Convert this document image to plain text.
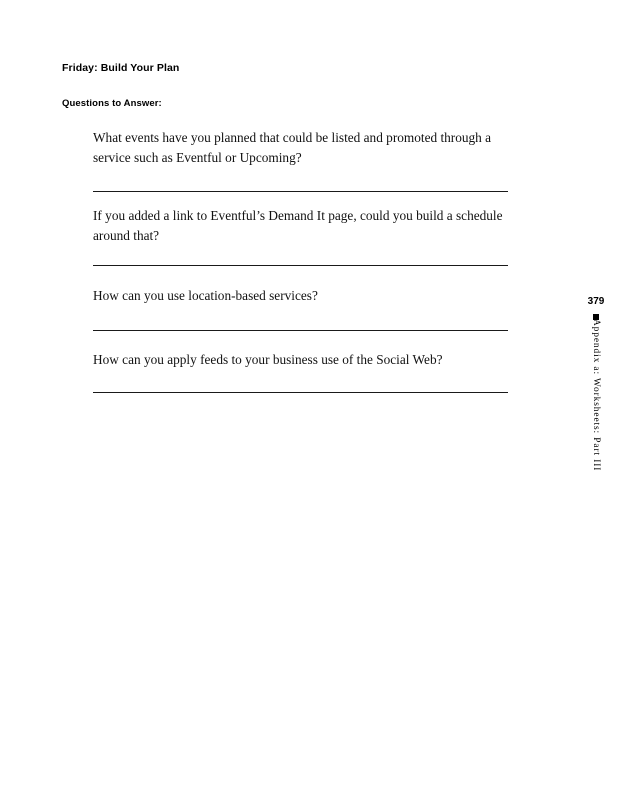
Friday: Build Your Plan
Questions to Answer:
What events have you planned that could be listed and promoted through a service such as Eventful or Upcoming?
If you added a link to Eventful’s Demand It page, could you build a schedule around that?
How can you use location-based services?
How can you apply feeds to your business use of the Social Web?
379
Appendix a: Worksheets: Part III
